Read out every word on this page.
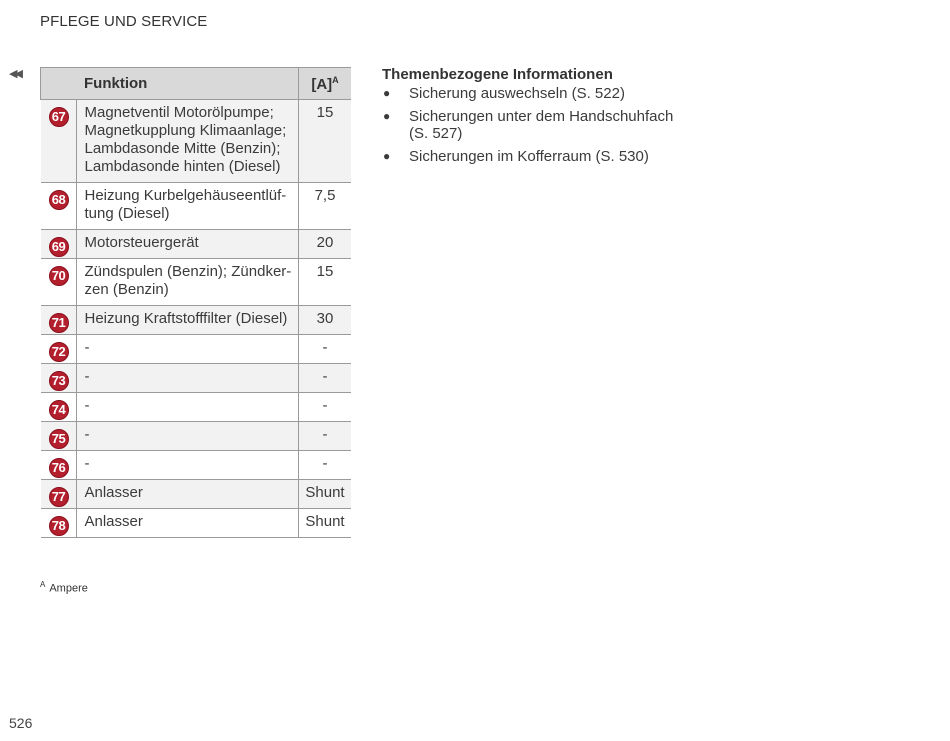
PFLEGE UND SERVICE
◀◀
	Funktion	$[A]^A$
67	Magnetventil Motorölpumpe; Magnetkupplung Klimaanlage; Lambdasonde Mitte (Benzin); Lambdasonde hinten (Diesel)	15
68	Heizung Kurbelgehäuseentlüf-tung (Diesel)	7,5
69	Motorsteuergerät	20
70	Zündspulen (Benzin); Zündker-zen (Benzin)	15
71	Heizung Kraftstofffilter (Diesel)	30
72	-	-
73	-	-
74	-	-
75	-	-
76	-	-
77	Anlasser	Shunt
78	Anlasser	Shunt
$^A$ Ampere
Themenbezogene Informationen
● Sicherung auswechseln (S. 522)
● Sicherungen unter dem Handschuhfach (S. 527)
● Sicherungen im Kofferraum (S. 530)
526
